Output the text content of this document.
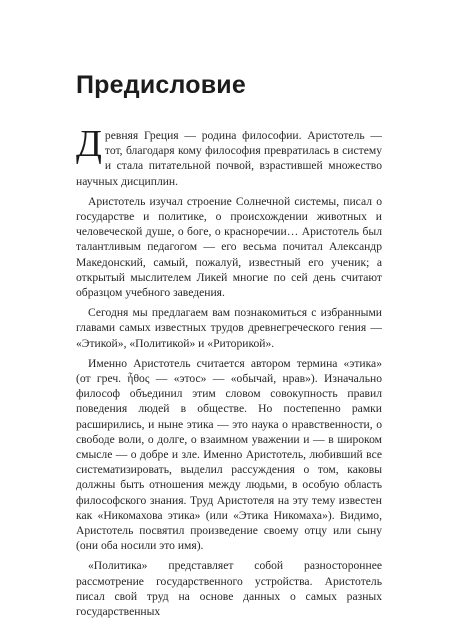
Предисловие

Древняя Греция — родина философии. Аристотель — тот, благодаря кому философия превратилась в систему и стала питательной почвой, взрастившей множество научных дисциплин.

Аристотель изучал строение Солнечной системы, писал о государстве и политике, о происхождении животных и человеческой душе, о боге, о красноречии… Аристотель был талантливым педагогом — его весьма почитал Александр Македонский, самый, пожалуй, известный его ученик; а открытый мыслителем Ликей многие по сей день считают образцом учебного заведения.

Сегодня мы предлагаем вам познакомиться с избранными главами самых известных трудов древнегреческого гения — «Этикой», «Политикой» и «Риторикой».

Именно Аристотель считается автором термина «этика» (от греч. ἦθος — «этос» — «обычай, нрав»). Изначально философ объединил этим словом совокупность правил поведения людей в обществе. Но постепенно рамки расширились, и ныне этика — это наука о нравственности, о свободе воли, о долге, о взаимном уважении и — в широком смысле — о добре и зле. Именно Аристотель, любивший все систематизировать, выделил рассуждения о том, каковы должны быть отношения между людьми, в особую область философского знания. Труд Аристотеля на эту тему известен как «Никомахова этика» (или «Этика Никомаха»). Видимо, Аристотель посвятил произведение своему отцу или сыну (они оба носили это имя).

«Политика» представляет собой разностороннее рассмотрение государственного устройства. Аристотель писал свой труд на основе данных о самых разных государственных
